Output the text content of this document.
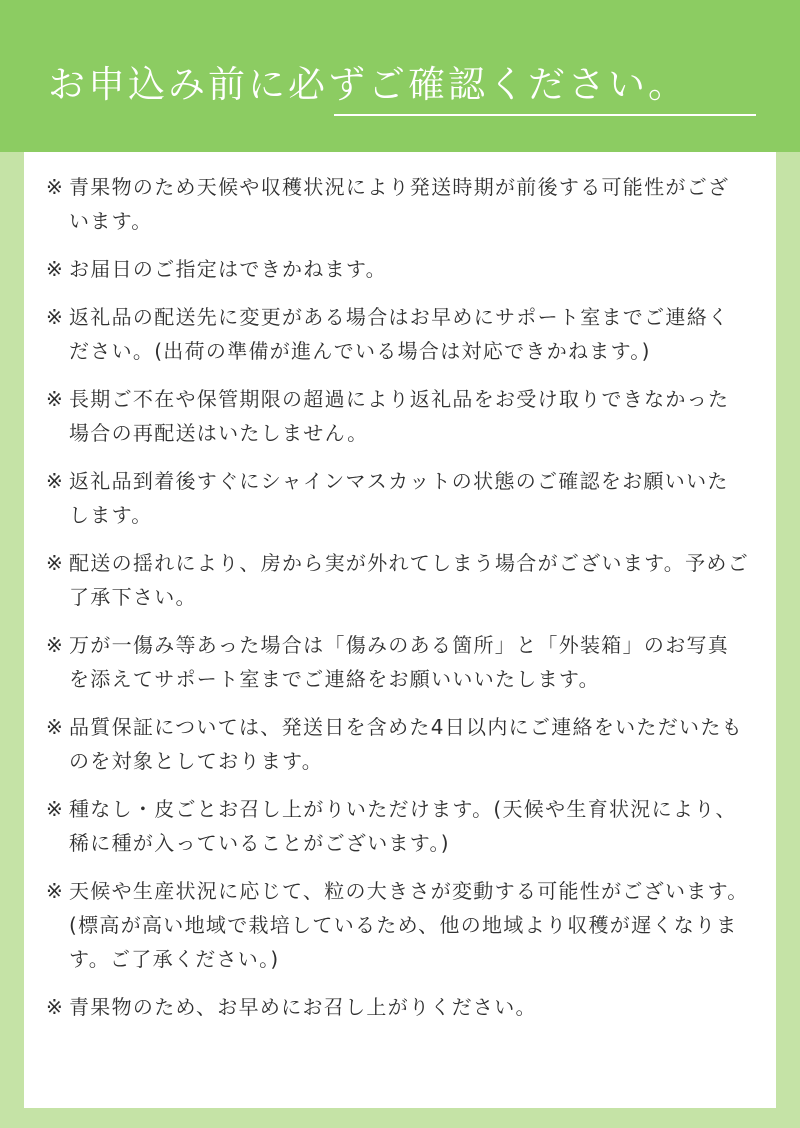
お申込み前に必ずご確認ください。
※ 青果物のため天候や収穫状況により発送時期が前後する可能性がございます。
※ お届日のご指定はできかねます。
※ 返礼品の配送先に変更がある場合はお早めにサポート室までご連絡ください。(出荷の準備が進んでいる場合は対応できかねます。)
※ 長期ご不在や保管期限の超過により返礼品をお受け取りできなかった場合の再配送はいたしません。
※ 返礼品到着後すぐにシャインマスカットの状態のご確認をお願いいたします。
※ 配送の揺れにより、房から実が外れてしまう場合がございます。予めご了承下さい。
※ 万が一傷み等あった場合は「傷みのある箇所」と「外装箱」のお写真を添えてサポート室までご連絡をお願いいいたします。
※ 品質保証については、発送日を含めた4日以内にご連絡をいただいたものを対象としております。
※ 種なし・皮ごとお召し上がりいただけます。(天候や生育状況により、稀に種が入っていることがございます。)
※ 天候や生産状況に応じて、粒の大きさが変動する可能性がございます。(標高が高い地域で栽培しているため、他の地域より収穫が遅くなります。ご了承ください。)
※ 青果物のため、お早めにお召し上がりください。
